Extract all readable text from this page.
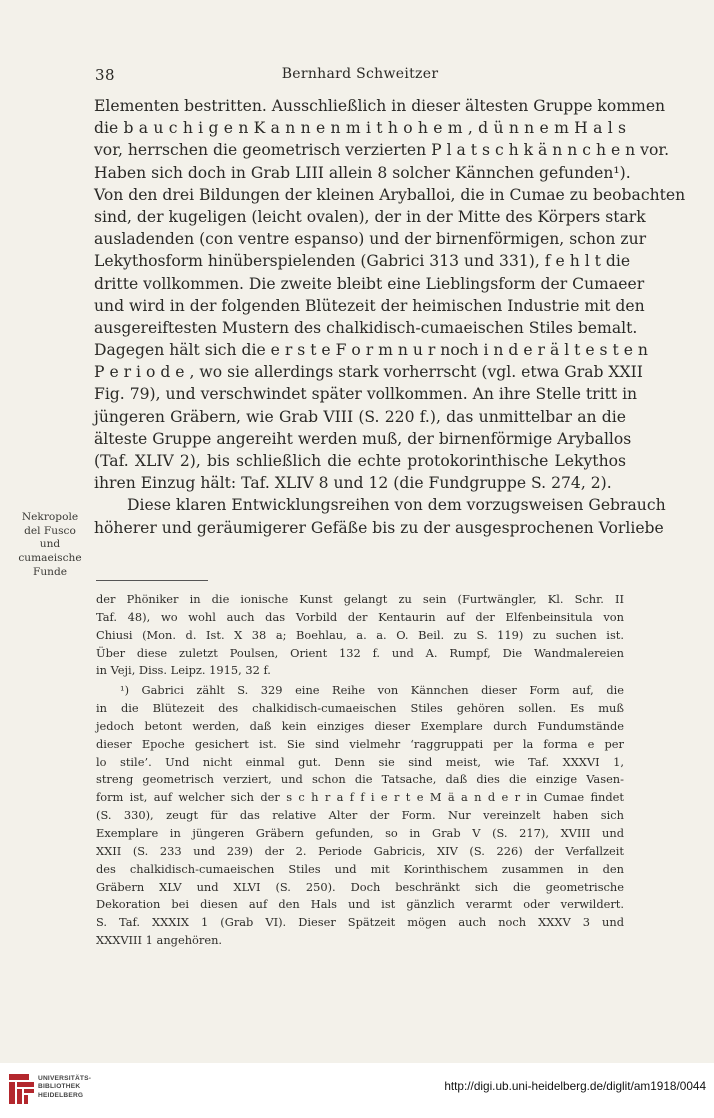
38	Bernhard Schweitzer
Elementen bestritten. Ausschließlich in dieser ältesten Gruppe kommen
die b a u c h i g e n K a n n e n m i t h o h e m , d ü n n e m H a l s
vor, herrschen die geometrisch verzierten P l a t s c h k ä n n c h e n vor.
Haben sich doch in Grab LIII allein 8 solcher Kännchen gefunden¹).
Von den drei Bildungen der kleinen Aryballoi, die in Cumae zu beobachten
sind, der kugeligen (leicht ovalen), der in der Mitte des Körpers stark
ausladenden (con ventre espanso) und der birnenförmigen, schon zur
Lekythosform hinüberspielenden (Gabrici 313 und 331), f e h l t die
dritte vollkommen. Die zweite bleibt eine Lieblingsform der Cumaeer
und wird in der folgenden Blütezeit der heimischen Industrie mit den
ausgereiftesten Mustern des chalkidisch-cumaeischen Stiles bemalt.
Dagegen hält sich die e r s t e F o r m n u r noch i n d e r ä l t e s t e n
P e r i o d e , wo sie allerdings stark vorherrscht (vgl. etwa Grab XXII
Fig. 79), und verschwindet später vollkommen. An ihre Stelle tritt in
jüngeren Gräbern, wie Grab VIII (S. 220 f.), das unmittelbar an die
älteste Gruppe angereiht werden muß, der birnenförmige Aryballos
(Taf. XLIV 2), bis schließlich die echte protokorinthische Lekythos
ihren Einzug hält: Taf. XLIV 8 und 12 (die Fundgruppe S. 274, 2).
Diese klaren Entwicklungsreihen von dem vorzugsweisen Gebrauch
höherer und geräumigerer Gefäße bis zu der ausgesprochenen Vorliebe
Nekropole
del Fusco
und
cumaeische
Funde
der Phöniker in die ionische Kunst gelangt zu sein (Furtwängler, Kl. Schr. II
Taf. 48), wo wohl auch das Vorbild der Kentaurin auf der Elfenbeinsitula von
Chiusi (Mon. d. Ist. X 38 a; Boehlau, a. a. O. Beil. zu S. 119) zu suchen ist.
Über diese zuletzt Poulsen, Orient 132 f. und A. Rumpf, Die Wandmalereien
in Veji, Diss. Leipz. 1915, 32 f.
¹) Gabrici zählt S. 329 eine Reihe von Kännchen dieser Form auf, die
in die Blütezeit des chalkidisch-cumaeischen Stiles gehören sollen. Es muß
jedoch betont werden, daß kein einziges dieser Exemplare durch Fundumstände
dieser Epoche gesichert ist. Sie sind vielmehr ‘raggruppati per la forma e per
lo stile’. Und nicht einmal gut. Denn sie sind meist, wie Taf. XXXVI 1,
streng geometrisch verziert, und schon die Tatsache, daß dies die einzige Vasen-
form ist, auf welcher sich der s c h r a f f i e r t e M ä a n d e r in Cumae findet
(S. 330), zeugt für das relative Alter der Form. Nur vereinzelt haben sich
Exemplare in jüngeren Gräbern gefunden, so in Grab V (S. 217), XVIII und
XXII (S. 233 und 239) der 2. Periode Gabricis, XIV (S. 226) der Verfallzeit
des chalkidisch-cumaeischen Stiles und mit Korinthischem zusammen in den
Gräbern XLV und XLVI (S. 250). Doch beschränkt sich die geometrische
Dekoration bei diesen auf den Hals und ist gänzlich verarmt oder verwildert.
S. Taf. XXXIX 1 (Grab VI). Dieser Spätzeit mögen auch noch XXXV 3 und
XXXVIII 1 angehören.
UNIVERSITÄTS-
BIBLIOTHEK
HEIDELBERG
http://digi.ub.uni-heidelberg.de/diglit/am1918/0044
